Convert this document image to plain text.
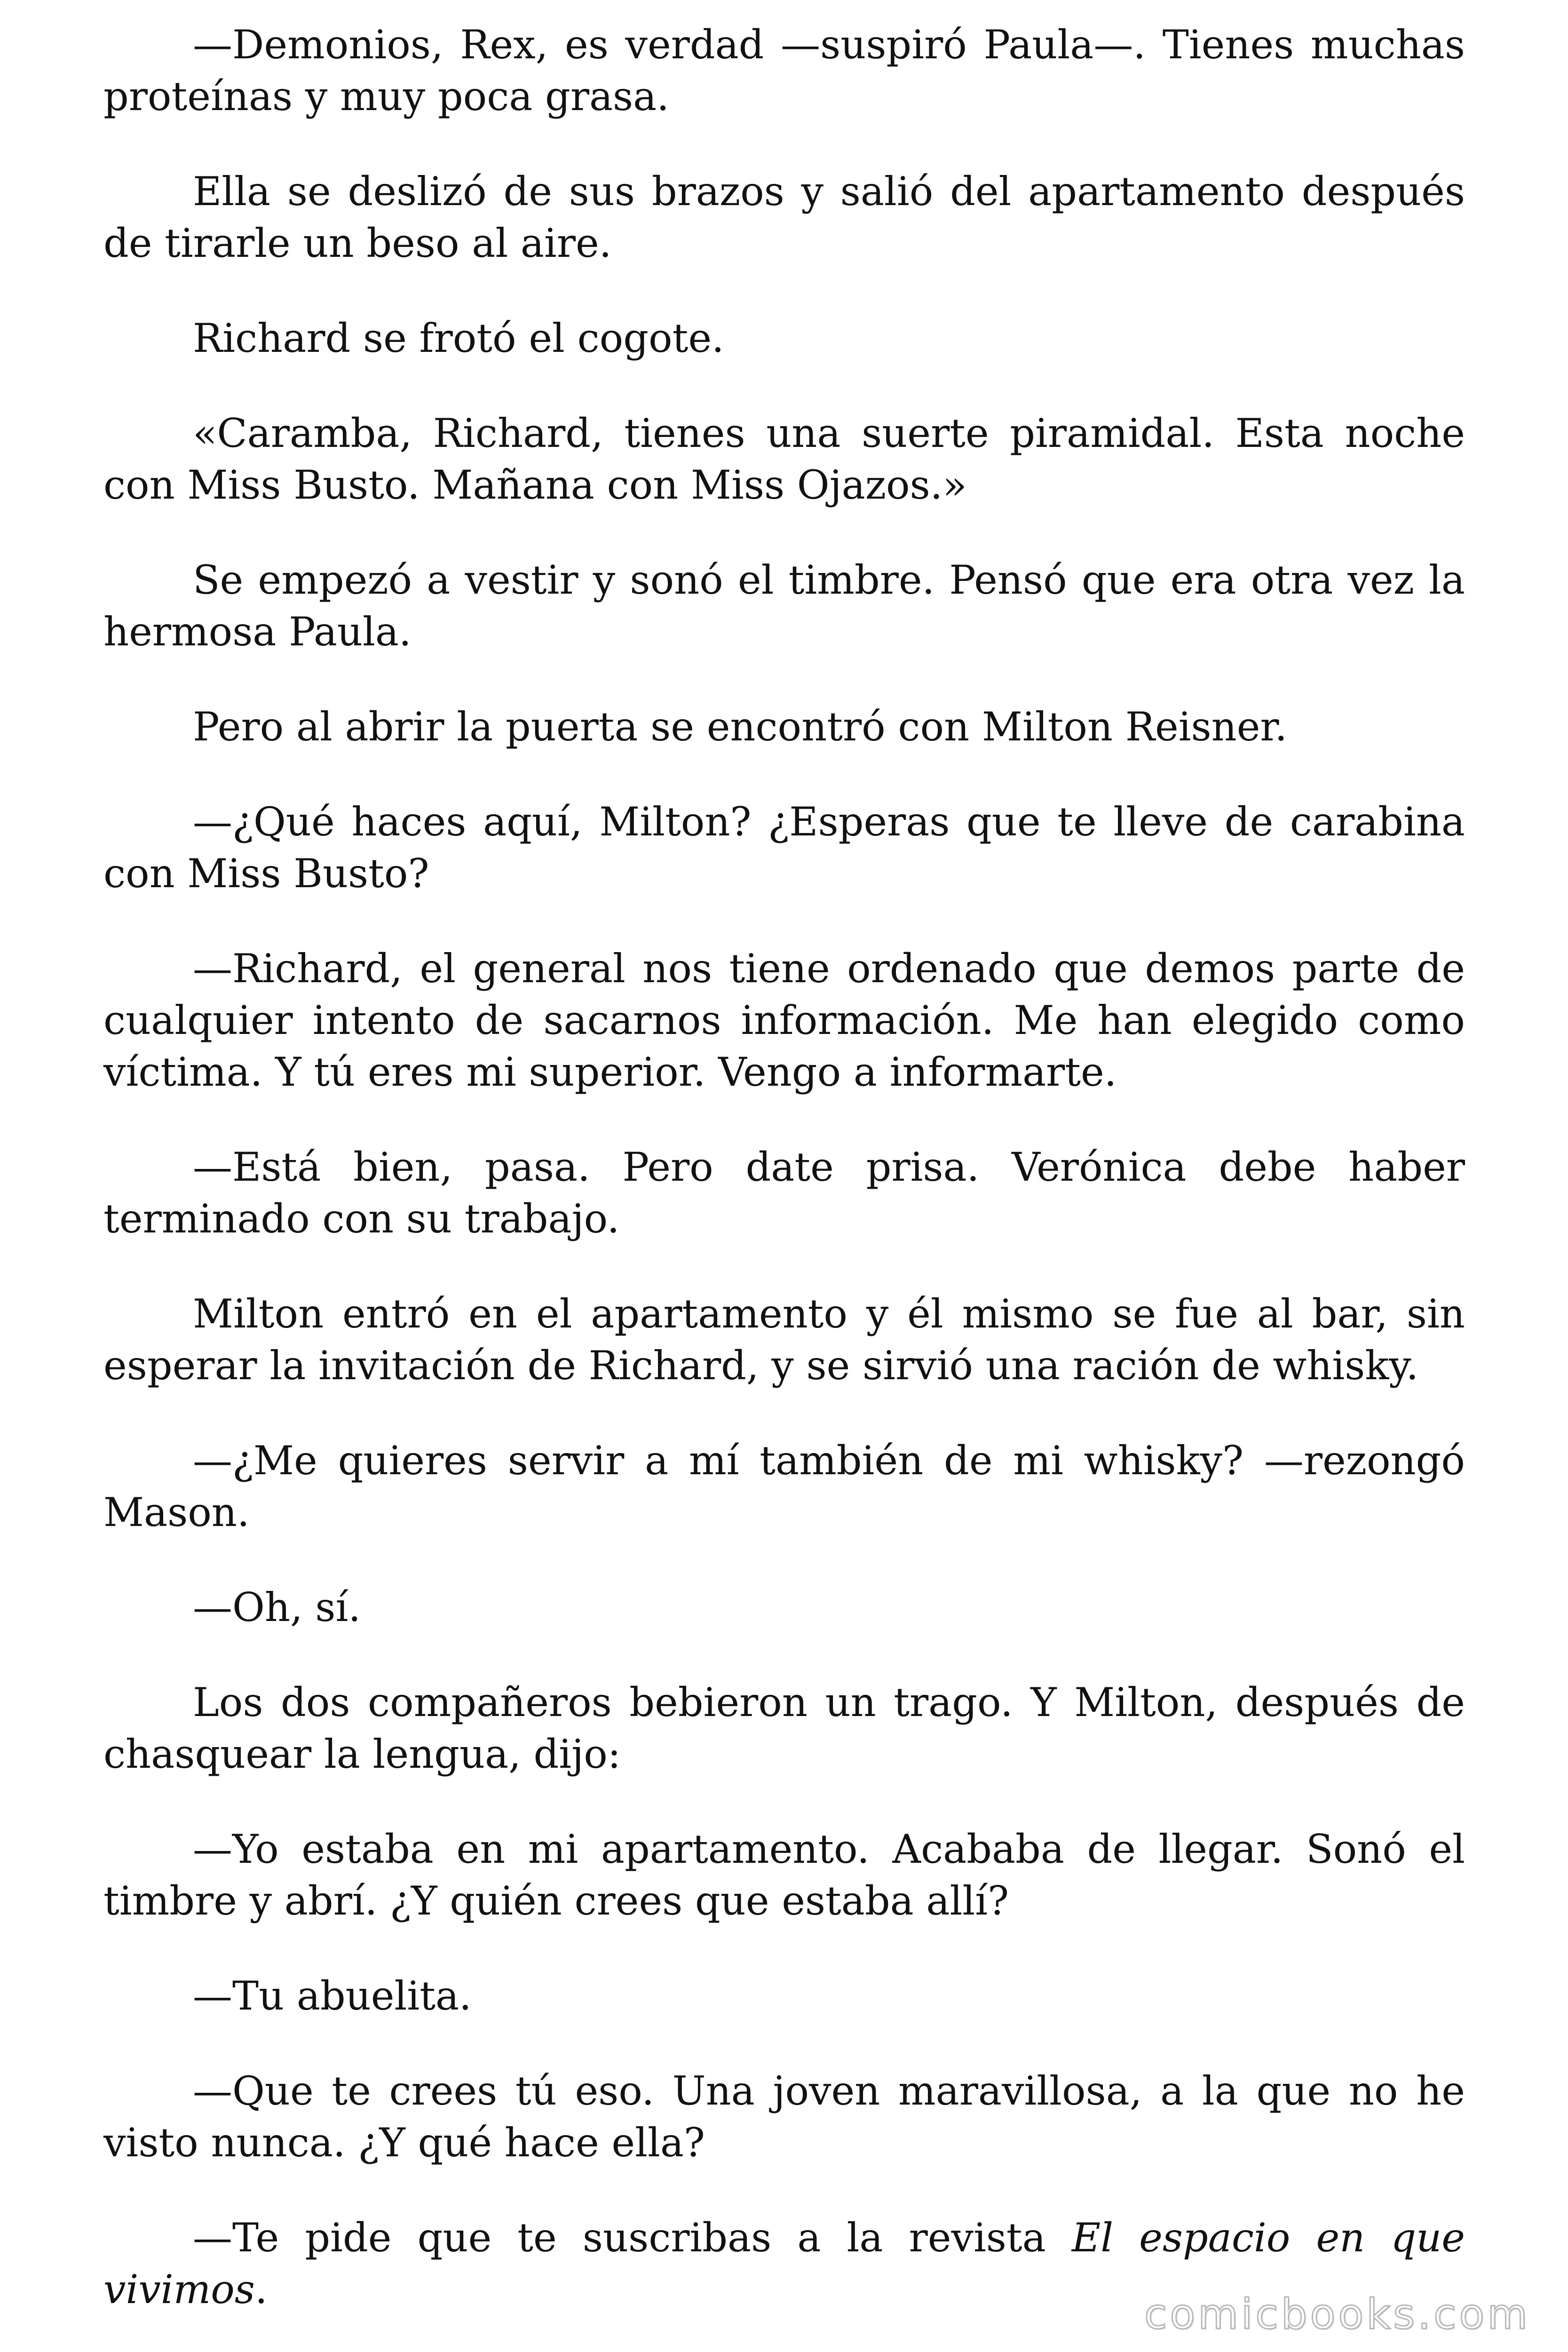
—Demonios, Rex, es verdad —suspiró Paula—. Tienes muchas proteínas y muy poca grasa.

Ella se deslizó de sus brazos y salió del apartamento después de tirarle un beso al aire.

Richard se frotó el cogote.

«Caramba, Richard, tienes una suerte piramidal. Esta noche con Miss Busto. Mañana con Miss Ojazos.»

Se empezó a vestir y sonó el timbre. Pensó que era otra vez la hermosa Paula.

Pero al abrir la puerta se encontró con Milton Reisner.

—¿Qué haces aquí, Milton? ¿Esperas que te lleve de carabina con Miss Busto?

—Richard, el general nos tiene ordenado que demos parte de cualquier intento de sacarnos información. Me han elegido como víctima. Y tú eres mi superior. Vengo a informarte.

—Está bien, pasa. Pero date prisa. Verónica debe haber terminado con su trabajo.

Milton entró en el apartamento y él mismo se fue al bar, sin esperar la invitación de Richard, y se sirvió una ración de whisky.

—¿Me quieres servir a mí también de mi whisky? —rezongó Mason.

—Oh, sí.

Los dos compañeros bebieron un trago. Y Milton, después de chasquear la lengua, dijo:

—Yo estaba en mi apartamento. Acababa de llegar. Sonó el timbre y abrí. ¿Y quién crees que estaba allí?

—Tu abuelita.

—Que te crees tú eso. Una joven maravillosa, a la que no he visto nunca. ¿Y qué hace ella?

—Te pide que te suscribas a la revista El espacio en que vivimos.

comicbooks.com
